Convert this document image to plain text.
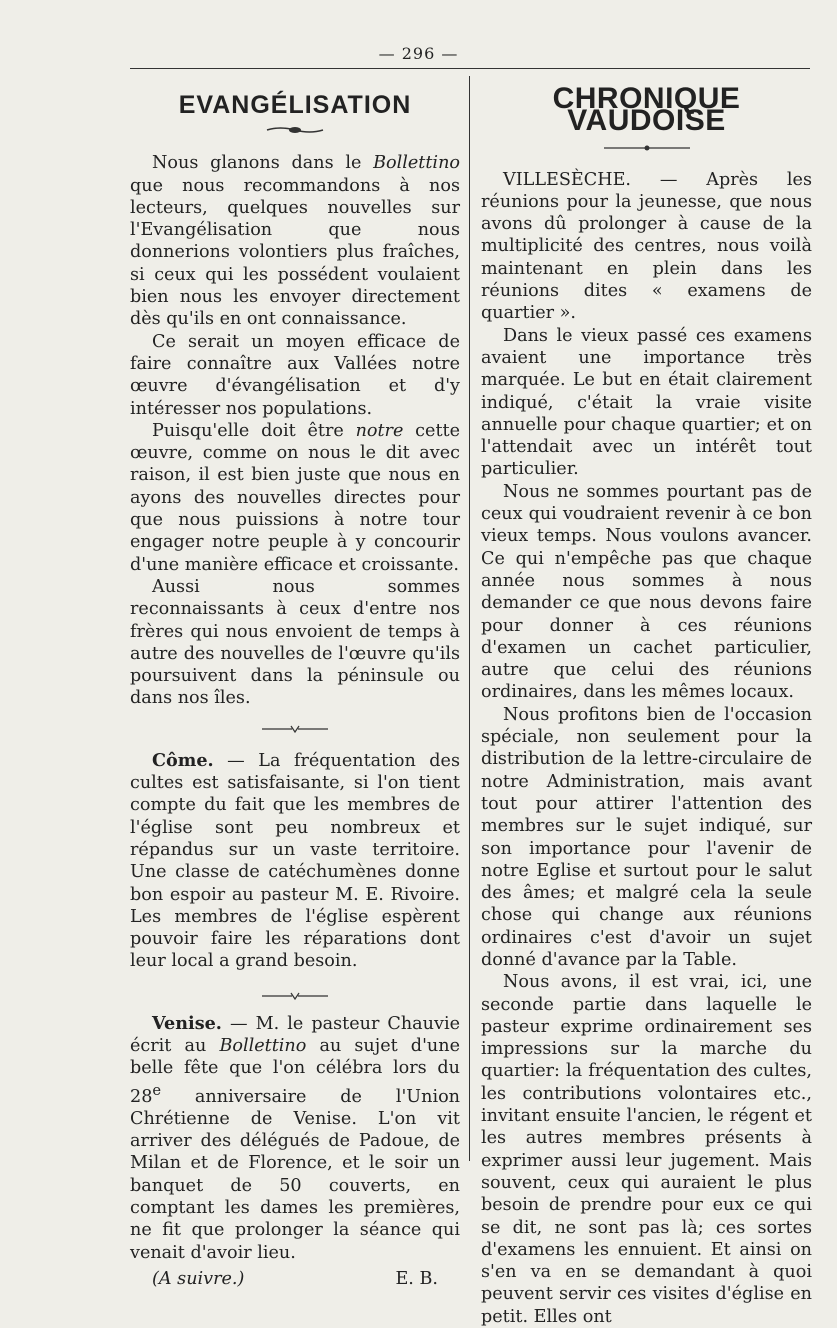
— 296 —
EVANGÉLISATION

Nous glanons dans le Bollettino que nous recommandons à nos lecteurs, quelques nouvelles sur l'Evangélisation que nous donnerions volontiers plus fraîches, si ceux qui les possédent voulaient bien nous les envoyer directement dès qu'ils en ont connaissance.

Ce serait un moyen efficace de faire connaître aux Vallées notre œuvre d'évangélisation et d'y intéresser nos populations.

Puisqu'elle doit être notre cette œuvre, comme on nous le dit avec raison, il est bien juste que nous en ayons des nouvelles directes pour que nous puissions à notre tour engager notre peuple à y concourir d'une manière efficace et croissante.

Aussi nous sommes reconnaissants à ceux d'entre nos frères qui nous envoient de temps à autre des nouvelles de l'œuvre qu'ils poursuivent dans la péninsule ou dans nos îles.

Côme. — La fréquentation des cultes est satisfaisante, si l'on tient compte du fait que les membres de l'église sont peu nombreux et répandus sur un vaste territoire. Une classe de catéchumènes donne bon espoir au pasteur M. E. Rivoire. Les membres de l'église espèrent pouvoir faire les réparations dont leur local a grand besoin.

Venise. — M. le pasteur Chauvie écrit au Bollettino au sujet d'une belle fête que l'on célébra lors du 28e anniversaire de l'Union Chrétienne de Venise. L'on vit arriver des délégués de Padoue, de Milan et de Florence, et le soir un banquet de 50 couverts, en comptant les dames les premières, ne fit que prolonger la séance qui venait d'avoir lieu.

(A suivre.)	E. B.
CHRONIQUE VAUDOISE

VILLESÈCHE. — Après les réunions pour la jeunesse, que nous avons dû prolonger à cause de la multiplicité des centres, nous voilà maintenant en plein dans les réunions dites « examens de quartier ».

Dans le vieux passé ces examens avaient une importance très marquée. Le but en était clairement indiqué, c'était la vraie visite annuelle pour chaque quartier; et on l'attendait avec un intérêt tout particulier.

Nous ne sommes pourtant pas de ceux qui voudraient revenir à ce bon vieux temps. Nous voulons avancer. Ce qui n'empêche pas que chaque année nous sommes à nous demander ce que nous devons faire pour donner à ces réunions d'examen un cachet particulier, autre que celui des réunions ordinaires, dans les mêmes locaux.

Nous profitons bien de l'occasion spéciale, non seulement pour la distribution de la lettre-circulaire de notre Administration, mais avant tout pour attirer l'attention des membres sur le sujet indiqué, sur son importance pour l'avenir de notre Eglise et surtout pour le salut des âmes; et malgré cela la seule chose qui change aux réunions ordinaires c'est d'avoir un sujet donné d'avance par la Table.

Nous avons, il est vrai, ici, une seconde partie dans laquelle le pasteur exprime ordinairement ses impressions sur la marche du quartier: la fréquentation des cultes, les contributions volontaires etc., invitant ensuite l'ancien, le régent et les autres membres présents à exprimer aussi leur jugement. Mais souvent, ceux qui auraient le plus besoin de prendre pour eux ce qui se dit, ne sont pas là; ces sortes d'examens les ennuient. Et ainsi on s'en va en se demandant à quoi peuvent servir ces visites d'église en petit. Elles ont
